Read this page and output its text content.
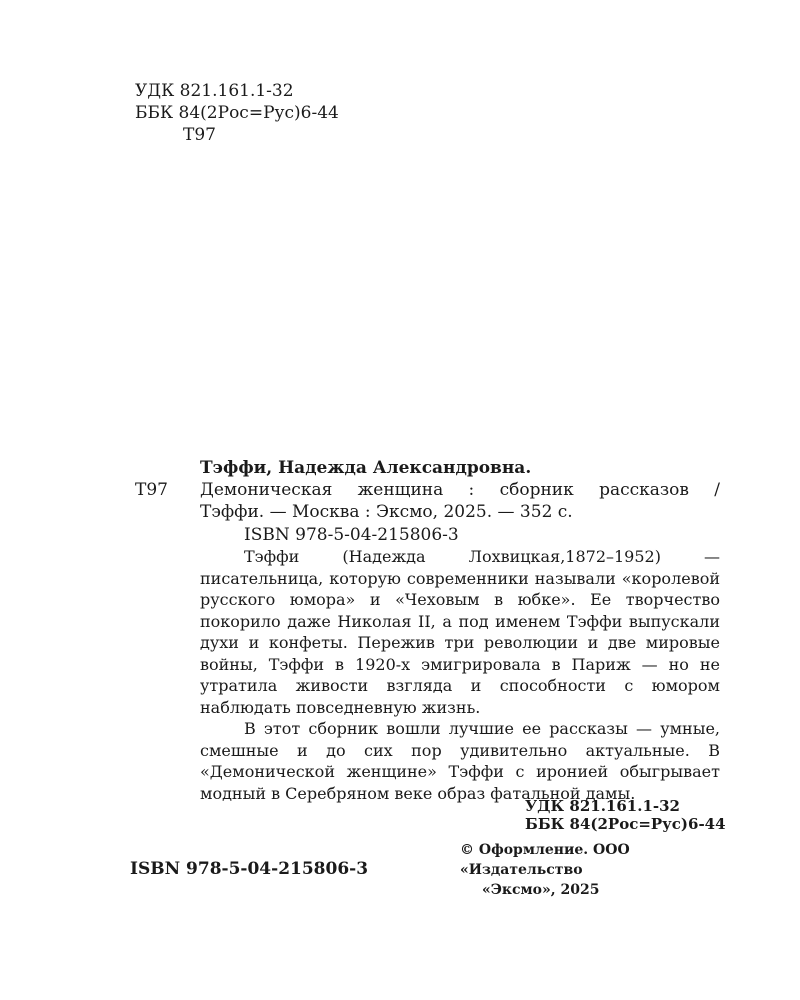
УДК 821.161.1-32
ББК 84(2Рос=Рус)6-44
Т97
Тэффи, Надежда Александровна.
Т97 Демоническая женщина : сборник рассказов /
Тэффи. — Москва : Эксмо, 2025. — 352 с.
ISBN 978-5-04-215806-3

Тэффи (Надежда Лохвицкая,1872–1952) — писательница, которую современники называли «королевой русского юмора» и «Чеховым в юбке». Ее творчество покорило даже Николая II, а под именем Тэффи выпускали духи и конфеты. Пережив три революции и две мировые войны, Тэффи в 1920-х эмигрировала в Париж — но не утратила живости взгляда и способности с юмором наблюдать повседневную жизнь.

В этот сборник вошли лучшие ее рассказы — умные, смешные и до сих пор удивительно актуальные. В «Демонической женщине» Тэффи с иронией обыгрывает модный в Серебряном веке образ фатальной дамы.

УДК 821.161.1-32
ББК 84(2Рос=Рус)6-44
ISBN 978-5-04-215806-3
© Оформление. ООО «Издательство
«Эксмо», 2025
